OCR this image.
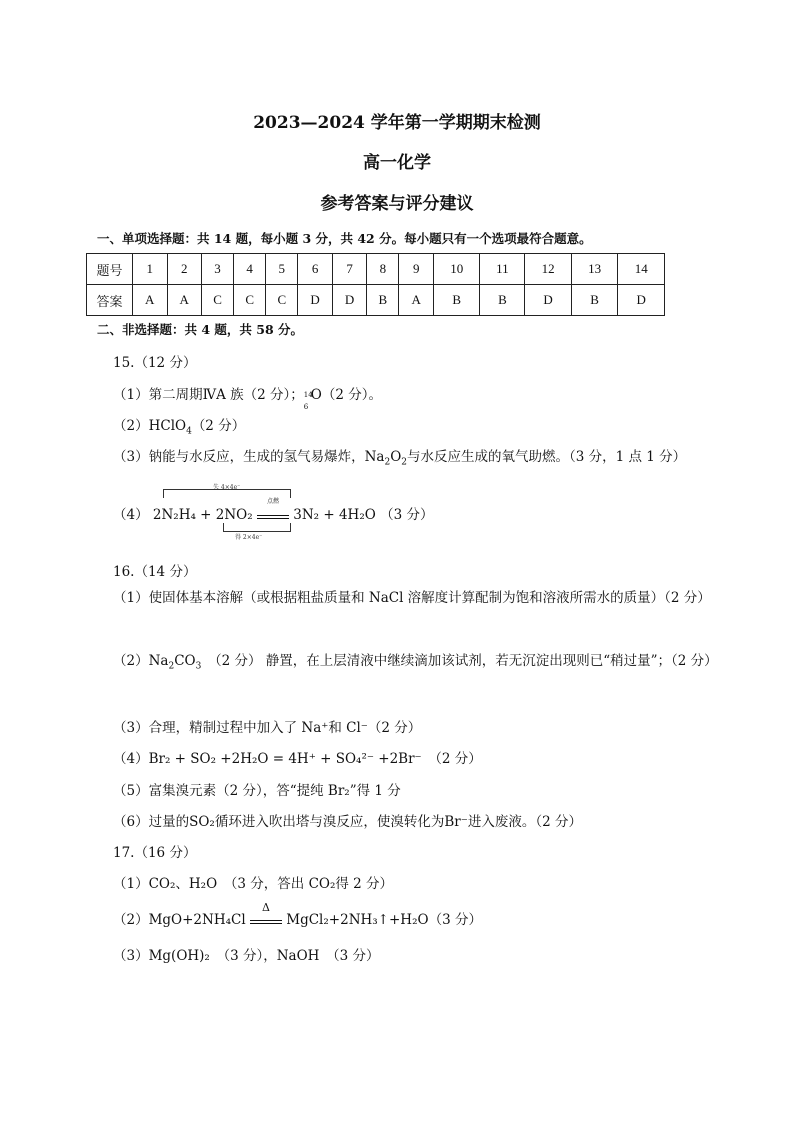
2023—2024 学年第一学期期末检测
高一化学
参考答案与评分建议
一、单项选择题：共 14 题，每小题 3 分，共 42 分。每小题只有一个选项最符合题意。
题号	1	2	3	4	5	6	7	8	9	10	11	12	13	14
答案	A	A	C	C	C	D	D	B	A	B	B	D	B	D
二、非选择题：共 4 题，共 58 分。
15.（12 分）
（1）第二周期ⅣA 族（2 分）； 14
6
O（2 分）。
（2）HClO$_4$（2 分）
（3）钠能与水反应，生成的氢气易爆炸，$Na_2O_2$与水反应生成的氧气助燃。（3 分，1 点 1 分）
失 4×4e⁻
（4） 2N₂H₄ + 2NO₂
点燃
3N₂ + 4H₂O （3 分）
得 2×4e⁻
16.（14 分）
（1）使固体基本溶解（或根据粗盐质量和 NaCl 溶解度计算配制为饱和溶液所需水的质量）（2 分）
$(2)Na_2CO_3$　（2 分） 静置，在上层清液中继续滴加该试剂，若无沉淀出现则已“稍过量”；（2 分）
（3）合理，精制过程中加入了 Na⁺和 Cl⁻（2 分）
（4）Br₂ + SO₂ +2H₂O = 4H⁺ + SO₄²⁻ +2Br⁻　（2 分）
（5）富集溴元素（2 分），答“提纯 Br₂”得 1 分
（6）过量的SO₂循环进入吹出塔与溴反应，使溴转化为Br⁻进入废液。（2 分）
17.（16 分）
（1）CO₂、H₂O　（3 分，答出 CO₂得 2 分）
（2）MgO+2NH₄Cl
Δ
MgCl₂+2NH₃↑+H₂O（3 分）
（3）Mg(OH)₂　（3 分），NaOH　（3 分）
